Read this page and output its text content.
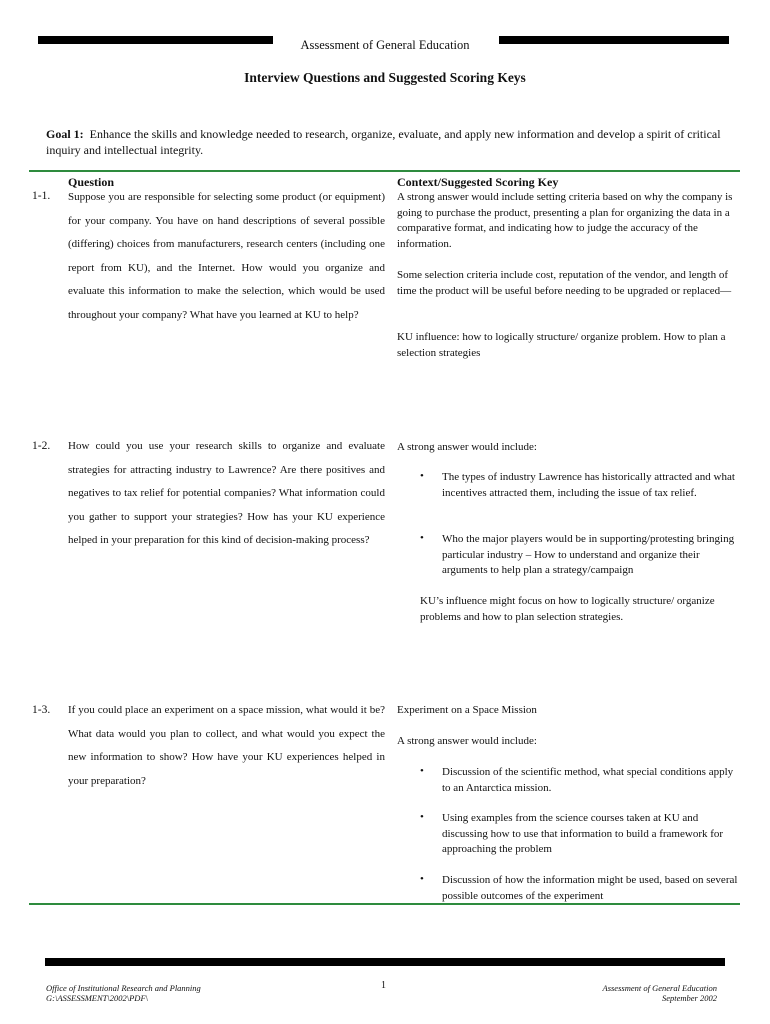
Assessment of General Education
Interview Questions and Suggested Scoring Keys
Goal 1: Enhance the skills and knowledge needed to research, organize, evaluate, and apply new information and develop a spirit of critical inquiry and intellectual integrity.
Question	Context/Suggested Scoring Key
1-1. Suppose you are responsible for selecting some product (or equipment) for your company. You have on hand descriptions of several possible (differing) choices from manufacturers, research centers (including one report from KU), and the Internet. How would you organize and evaluate this information to make the selection, which would be used throughout your company? What have you learned at KU to help?
A strong answer would include setting criteria based on why the company is going to purchase the product, presenting a plan for organizing the data in a comparative format, and indicating how to judge the accuracy of the information.
Some selection criteria include cost, reputation of the vendor, and length of time the product will be useful before needing to be upgraded or replaced—
KU influence: how to logically structure/ organize problem. How to plan a selection strategies
1-2. How could you use your research skills to organize and evaluate strategies for attracting industry to Lawrence? Are there positives and negatives to tax relief for potential companies? What information could you gather to support your strategies? How has your KU experience helped in your preparation for this kind of decision-making process?
A strong answer would include:
• The types of industry Lawrence has historically attracted and what incentives attracted them, including the issue of tax relief.
• Who the major players would be in supporting/protesting bringing particular industry – How to understand and organize their arguments to help plan a strategy/campaign
KU’s influence might focus on how to logically structure/ organize problems and how to plan selection strategies.
1-3. If you could place an experiment on a space mission, what would it be? What data would you plan to collect, and what would you expect the new information to show? How have your KU experiences helped in your preparation?
Experiment on a Space Mission
A strong answer would include:
• Discussion of the scientific method, what special conditions apply to an Antarctica mission.
• Using examples from the science courses taken at KU and discussing how to use that information to build a framework for approaching the problem
• Discussion of how the information might be used, based on several possible outcomes of the experiment

Office of Institutional Research and Planning

G:\ASSESSMENT\2002\PDF\

1	Assessment of General Education

September 2002
